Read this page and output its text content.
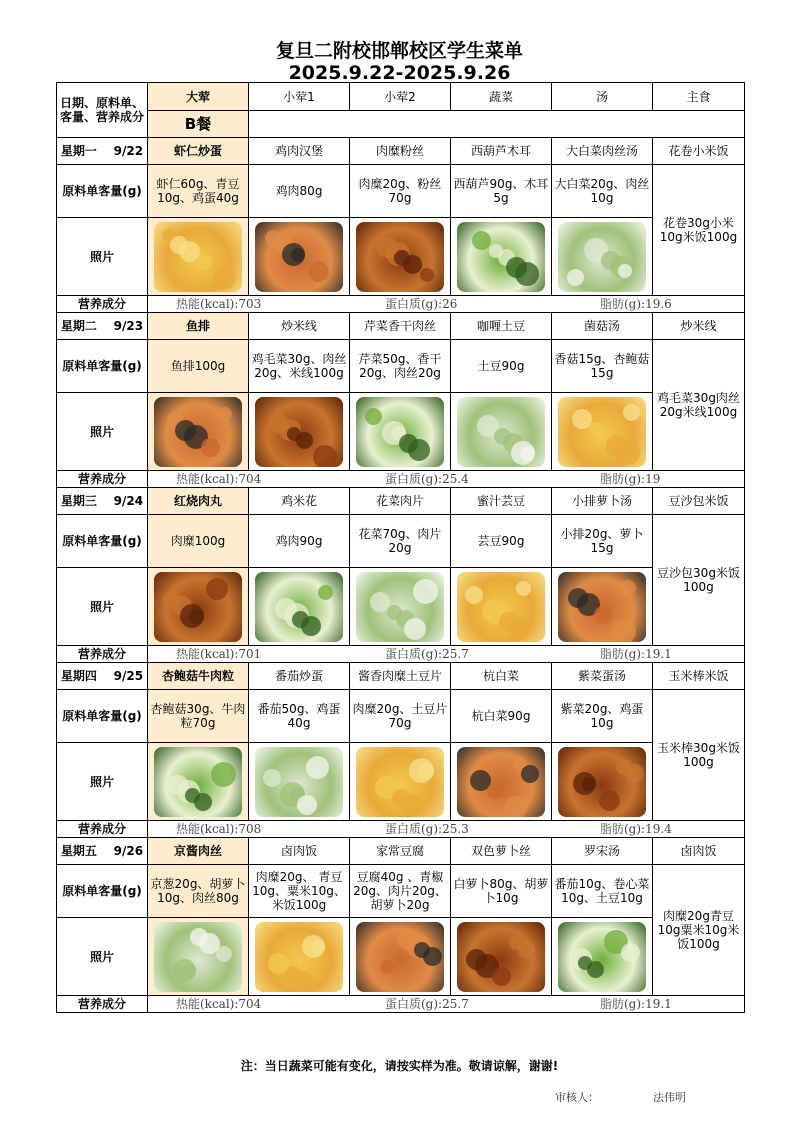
复旦二附校邯郸校区学生菜单
2025.9.22-2025.9.26
日期、原料单、客量、营养成分	大荤	小荤1	小荤2	蔬菜	汤	主食
	B餐					
星期一 9/22	虾仁炒蛋	鸡肉汉堡	肉糜粉丝	西葫芦木耳	大白菜肉丝汤	花卷小米饭
原料单客量(g)	虾仁60g、青豆10g、鸡蛋40g	鸡肉80g	肉糜20g、粉丝70g	西葫芦90g、木耳5g	大白菜20g、肉丝10g	花卷30g小米10g米饭100g
照片		

营养成分	热能(kcal):703 蛋白质(g):26 脂肪(g):19.6					

星期二 9/23	鱼排	炒米线	芹菜香干肉丝	咖喱土豆	菌菇汤	炒米线
原料单客量(g)	鱼排100g	鸡毛菜30g、肉丝20g、米线100g	芹菜50g、香干20g、肉丝20g	土豆90g	香菇15g、杏鲍菇15g	鸡毛菜30g肉丝20g米线100g
照片		

营养成分	热能(kcal):704 蛋白质(g):25.4 脂肪(g):19					

星期三 9/24	红烧肉丸	鸡米花	花菜肉片	蜜汁芸豆	小排萝卜汤	豆沙包米饭
原料单客量(g)	肉糜100g	鸡肉90g	花菜70g、肉片20g	芸豆90g	小排20g、萝卜15g	豆沙包30g米饭100g
照片		

营养成分	热能(kcal):701 蛋白质(g):25.7 脂肪(g):19.1					

星期四 9/25	杏鲍菇牛肉粒	番茄炒蛋	酱香肉糜土豆片	杭白菜	紫菜蛋汤	玉米棒米饭
原料单客量(g)	杏鲍菇30g、牛肉粒70g	番茄50g、鸡蛋40g	肉糜20g、土豆片70g	杭白菜90g	紫菜20g、鸡蛋10g	玉米棒30g米饭100g
照片		

营养成分	热能(kcal):708 蛋白质(g):25.3 脂肪(g):19.4					

星期五 9/26	京酱肉丝	卤肉饭	家常豆腐	双色萝卜丝	罗宋汤	卤肉饭
原料单客量(g)	京葱20g、胡萝卜10g、肉丝80g	肉糜20g、 青豆10g、粟米10g、米饭100g	豆腐40g 、青椒20g、肉片20g、 胡萝卜20g	白萝卜80g、胡萝卜10g	番茄10g、卷心菜10g、土豆10g	肉糜20g青豆10g粟米10g米饭100g
照片		

营养成分	热能(kcal):704 蛋白质(g):25.7 脂肪(g):19.1					
注：当日蔬菜可能有变化，请按实样为准。敬请谅解，谢谢!
审核人：	法伟明
